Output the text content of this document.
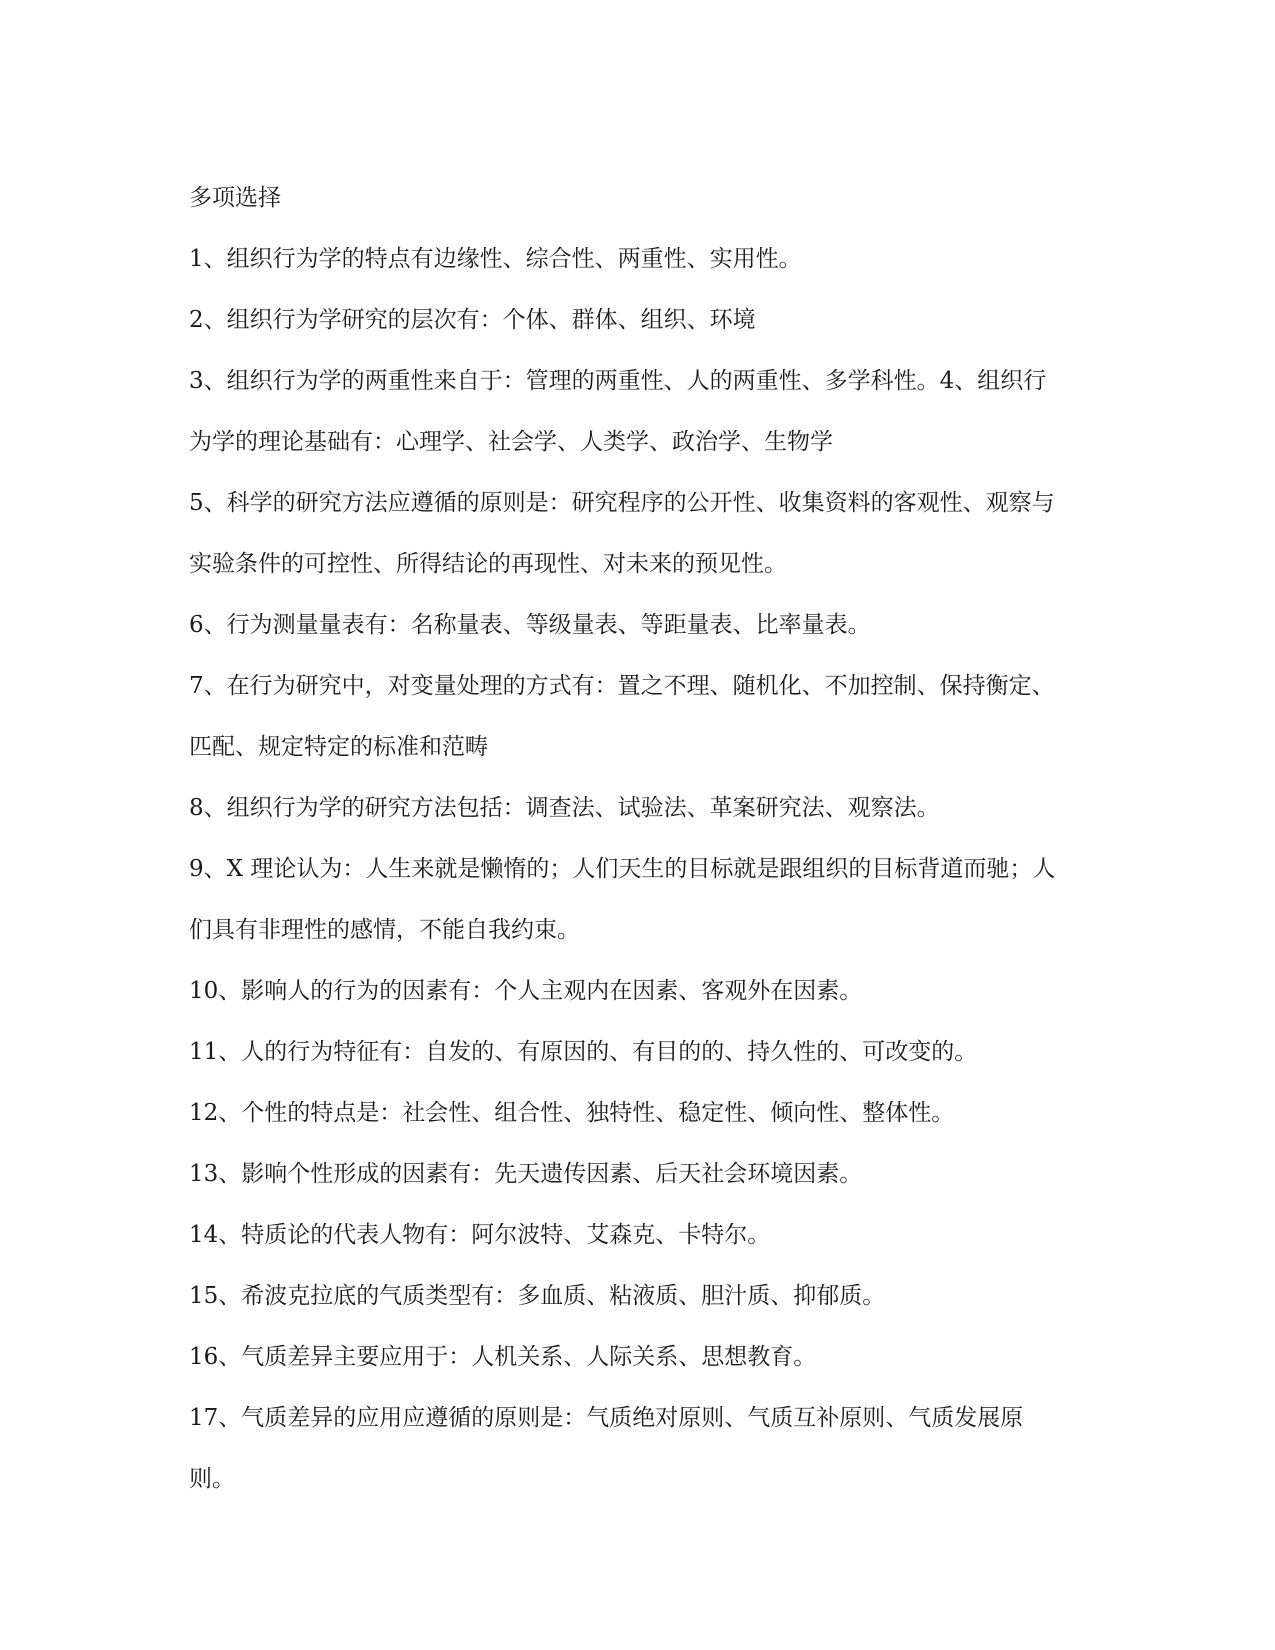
多项选择

1、组织行为学的特点有边缘性、综合性、两重性、实用性。

2、组织行为学研究的层次有：个体、群体、组织、环境

3、组织行为学的两重性来自于：管理的两重性、人的两重性、多学科性。4、组织行为学的理论基础有：心理学、社会学、人类学、政治学、生物学

5、科学的研究方法应遵循的原则是：研究程序的公开性、收集资料的客观性、观察与实验条件的可控性、所得结论的再现性、对未来的预见性。

6、行为测量量表有：名称量表、等级量表、等距量表、比率量表。

7、在行为研究中，对变量处理的方式有：置之不理、随机化、不加控制、保持衡定、匹配、规定特定的标准和范畴

8、组织行为学的研究方法包括：调查法、试验法、革案研究法、观察法。

9、X 理论认为：人生来就是懒惰的；人们天生的目标就是跟组织的目标背道而驰；人们具有非理性的感情，不能自我约束。

10、影响人的行为的因素有：个人主观内在因素、客观外在因素。

11、人的行为特征有：自发的、有原因的、有目的的、持久性的、可改变的。

12、个性的特点是：社会性、组合性、独特性、稳定性、倾向性、整体性。

13、影响个性形成的因素有：先天遗传因素、后天社会环境因素。

14、特质论的代表人物有：阿尔波特、艾森克、卡特尔。

15、希波克拉底的气质类型有：多血质、粘液质、胆汁质、抑郁质。

16、气质差异主要应用于：人机关系、人际关系、思想教育。

17、气质差异的应用应遵循的原则是：气质绝对原则、气质互补原则、气质发展原则。
